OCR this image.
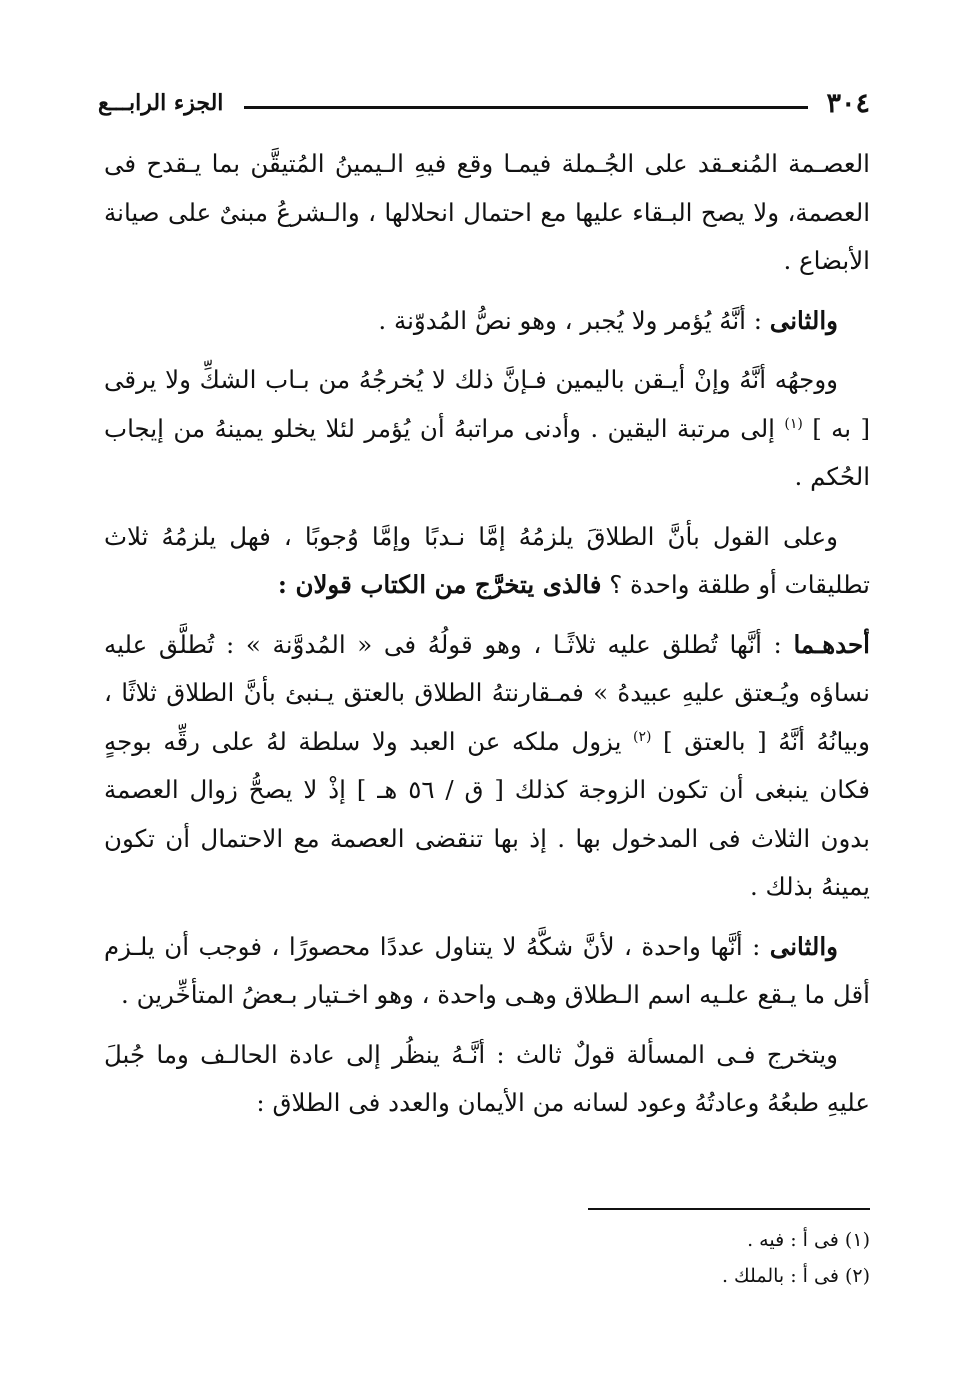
٣٠٤
الجزء الرابـــع

العصـمة المُنعـقد على الجُـملة فيمـا وقع فيهِ الـيمينُ المُتيقَّن بما يـقدح فى العصمة، ولا يصح البـقاء عليها مع احتمال انحلالها ، والـشرعُ مبنىٌ على صيانة الأبضاع .

والثانى : أنَّهُ يُؤمر ولا يُجبر ، وهو نصُّ المُدوّنة .

ووجهُه أنَّهُ وإنْ أيـقن باليمين فـإنَّ ذلك لا يُخرجُهُ من بـاب الشكِّ ولا يرقى [ به ] $^{(١)}$ إلى مرتبة اليقين . وأدنى مراتبهُ أن يُؤمر لئلا يخلو يمينهُ من إيجاب الحُكم .

وعلى القول بأنَّ الطلاقَ يلزمُهُ إمَّا نـدبًا وإمَّا وُجوبًا ، فهل يلزمُهُ ثلاث تطليقات أو طلقة واحدة ؟ فالذى يتخرَّج من الكتاب قولان :

أحدهـما : أنَّها تُطلق عليه ثلاثًـا ، وهو قولُهُ فى « المُدوَّنة » : تُطلَّق عليه نساؤه ويُـعتق عليهِ عبيدهُ » فمـقارنتهُ الطلاق بالعتق يـنبئ بأنَّ الطلاق ثلاثًا ، وبيانُهُ أنَّهُ [ بالعتق ] $^{(٢)}$ يزول ملكه عن العبد ولا سلطة لهُ على رقِّه بوجهٍ فكان ينبغى أن تكون الزوجة كذلك [ ق / ٥٦ هـ ] إذْ لا يصحُّ زوال العصمة بدون الثلاث فى المدخول بها . إذ بها تنقضى العصمة مع الاحتمال أن تكون يمينهُ بذلك .

والثانى : أنَّها واحدة ، لأنَّ شكَّهُ لا يتناول عددًا محصورًا ، فوجب أن يلـزم أقل ما يـقع علـيه اسم الـطلاق وهـى واحدة ، وهو اخـتيار بـعضُ المتأخِّرين .

ويتخرج فـى المسألة قولٌ ثالث : أنَّـهُ ينظُر إلى عادة الحالـف وما جُبلَ عليهِ طبعُهُ وعادتُهُ وعود لسانه من الأيمان والعدد فى الطلاق :

(١) فى أ : فيه .

(٢) فى أ : بالملك .
